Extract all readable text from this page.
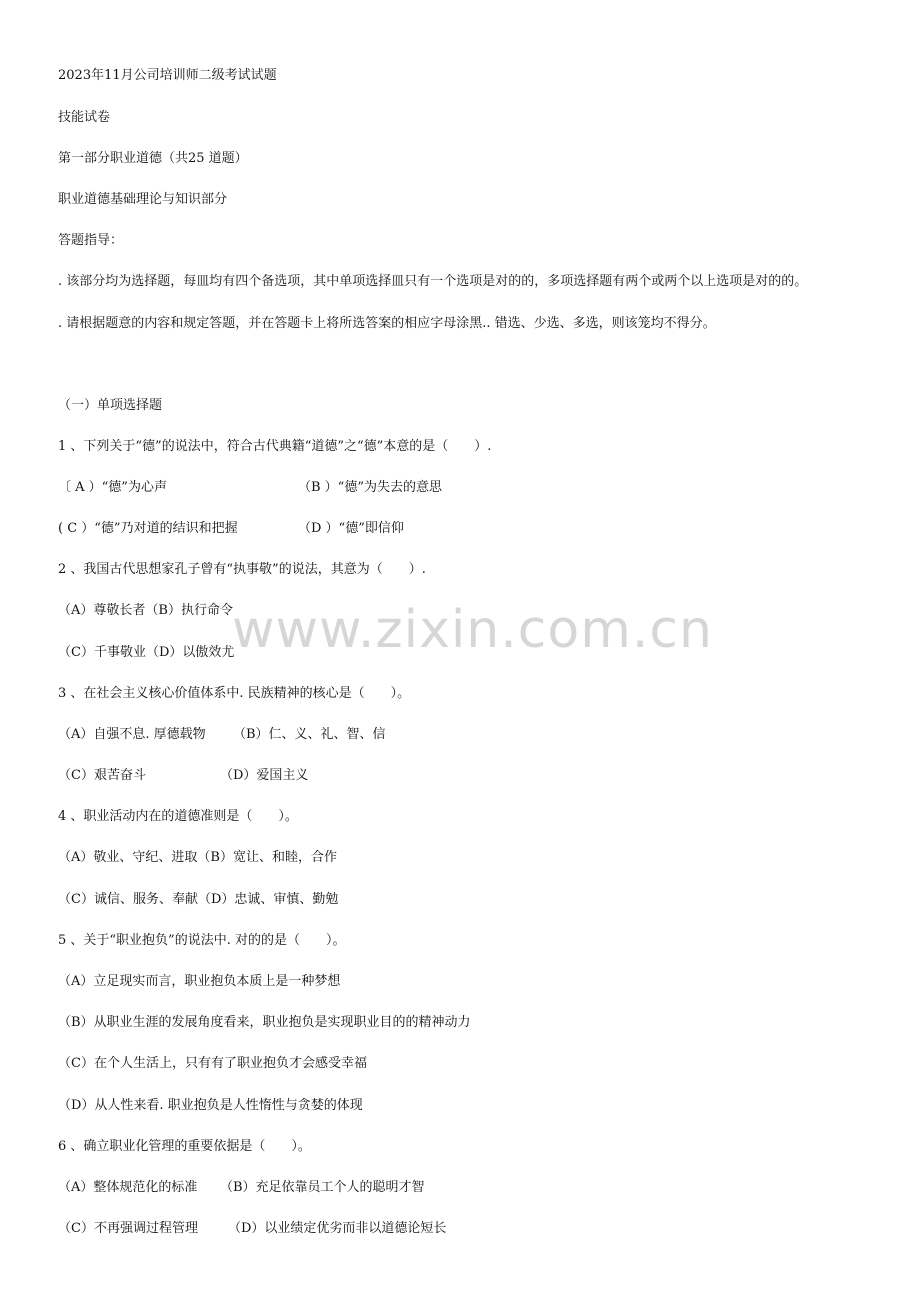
2023年11月公司培训师二级考试试题
技能试卷
第一部分职业道德（共25 道题）
职业道德基础理论与知识部分
答题指导：
. 该部分均为选择题，每皿均有四个备选项，其中单项选择皿只有一个选项是对的的，多项选择题有两个或两个以上选项是对的的。
. 请根据题意的内容和规定答题，并在答题卡上将所选答案的相应字母涂黑.. 错选、少选、多选，则该笼均不得分。
（一）单项选择题
1 、下列关于“德”的说法中，符合古代典籍“道德”之“德”本意的是（　　）.
〔 A ）“德”为心声	（B ）“德”为失去的意思
( C ）“德”乃对道的结识和把握	（D ）“德”即信仰
2 、我国古代思想家孔子曾有“执事敬”的说法，其意为（　　）.
（A）尊敬长者（B）执行命令
（C）千事敬业（D）以傲效尤
3 、在社会主义核心价值体系中. 民族精神的核心是（　　）。
（A）自强不息. 厚德载物 （B）仁、义、礼、智、信
（C）艰苦奋斗	（D）爱国主义
4 、职业活动内在的道德准则是（　　）。
（A）敬业、守纪、进取（B）宽让、和睦，合作
（C）诚信、服务、奉献（D）忠诚、审慎、勤勉
5 、关于“职业抱负”的说法中. 对的的是（　　）。
（A）立足现实而言，职业抱负本质上是一种梦想
（B）从职业生涯的发展角度看来，职业抱负是实现职业目的的精神动力
（C）在个人生活上，只有有了职业抱负才会感受幸福
（D）从人性来看. 职业抱负是人性惰性与贪婪的体现
6 、确立职业化管理的重要依据是（　　）。
（A）整体规范化的标准 （B）充足依靠员工个人的聪明才智
（C）不再强调过程管理 （D）以业绩定优劣而非以道德论短长
www.zixin.com.cn
